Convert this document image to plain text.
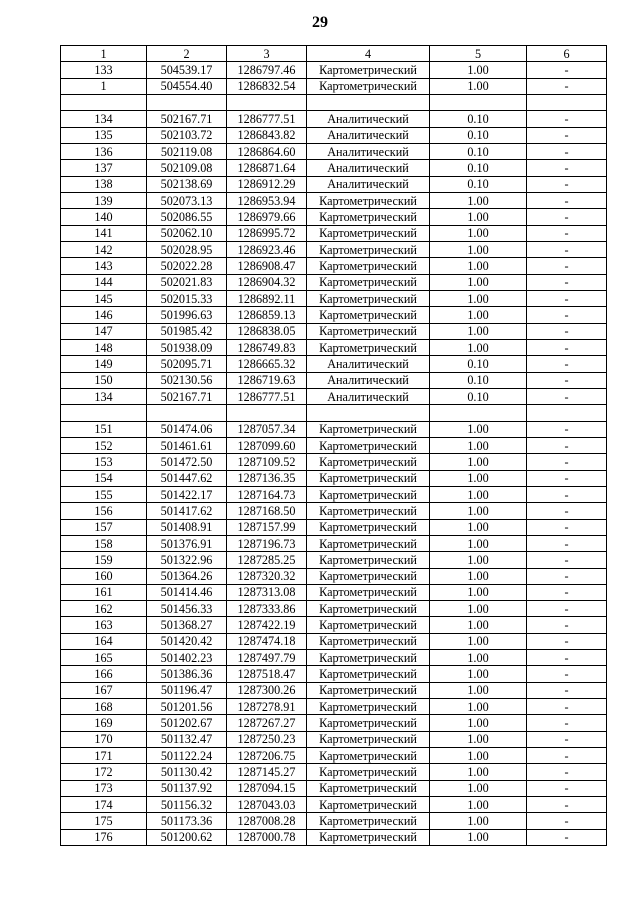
29
1	2	3	4	5	6
133	504539.17	1286797.46	Картометрический	1.00	-
1	504554.40	1286832.54	Картометрический	1.00	-

134	502167.71	1286777.51	Аналитический	0.10	-
135	502103.72	1286843.82	Аналитический	0.10	-
136	502119.08	1286864.60	Аналитический	0.10	-
137	502109.08	1286871.64	Аналитический	0.10	-
138	502138.69	1286912.29	Аналитический	0.10	-
139	502073.13	1286953.94	Картометрический	1.00	-
140	502086.55	1286979.66	Картометрический	1.00	-
141	502062.10	1286995.72	Картометрический	1.00	-
142	502028.95	1286923.46	Картометрический	1.00	-
143	502022.28	1286908.47	Картометрический	1.00	-
144	502021.83	1286904.32	Картометрический	1.00	-
145	502015.33	1286892.11	Картометрический	1.00	-
146	501996.63	1286859.13	Картометрический	1.00	-
147	501985.42	1286838.05	Картометрический	1.00	-
148	501938.09	1286749.83	Картометрический	1.00	-
149	502095.71	1286665.32	Аналитический	0.10	-
150	502130.56	1286719.63	Аналитический	0.10	-
134	502167.71	1286777.51	Аналитический	0.10	-

151	501474.06	1287057.34	Картометрический	1.00	-
152	501461.61	1287099.60	Картометрический	1.00	-
153	501472.50	1287109.52	Картометрический	1.00	-
154	501447.62	1287136.35	Картометрический	1.00	-
155	501422.17	1287164.73	Картометрический	1.00	-
156	501417.62	1287168.50	Картометрический	1.00	-
157	501408.91	1287157.99	Картометрический	1.00	-
158	501376.91	1287196.73	Картометрический	1.00	-
159	501322.96	1287285.25	Картометрический	1.00	-
160	501364.26	1287320.32	Картометрический	1.00	-
161	501414.46	1287313.08	Картометрический	1.00	-
162	501456.33	1287333.86	Картометрический	1.00	-
163	501368.27	1287422.19	Картометрический	1.00	-
164	501420.42	1287474.18	Картометрический	1.00	-
165	501402.23	1287497.79	Картометрический	1.00	-
166	501386.36	1287518.47	Картометрический	1.00	-
167	501196.47	1287300.26	Картометрический	1.00	-
168	501201.56	1287278.91	Картометрический	1.00	-
169	501202.67	1287267.27	Картометрический	1.00	-
170	501132.47	1287250.23	Картометрический	1.00	-
171	501122.24	1287206.75	Картометрический	1.00	-
172	501130.42	1287145.27	Картометрический	1.00	-
173	501137.92	1287094.15	Картометрический	1.00	-
174	501156.32	1287043.03	Картометрический	1.00	-
175	501173.36	1287008.28	Картометрический	1.00	-
176	501200.62	1287000.78	Картометрический	1.00	-
